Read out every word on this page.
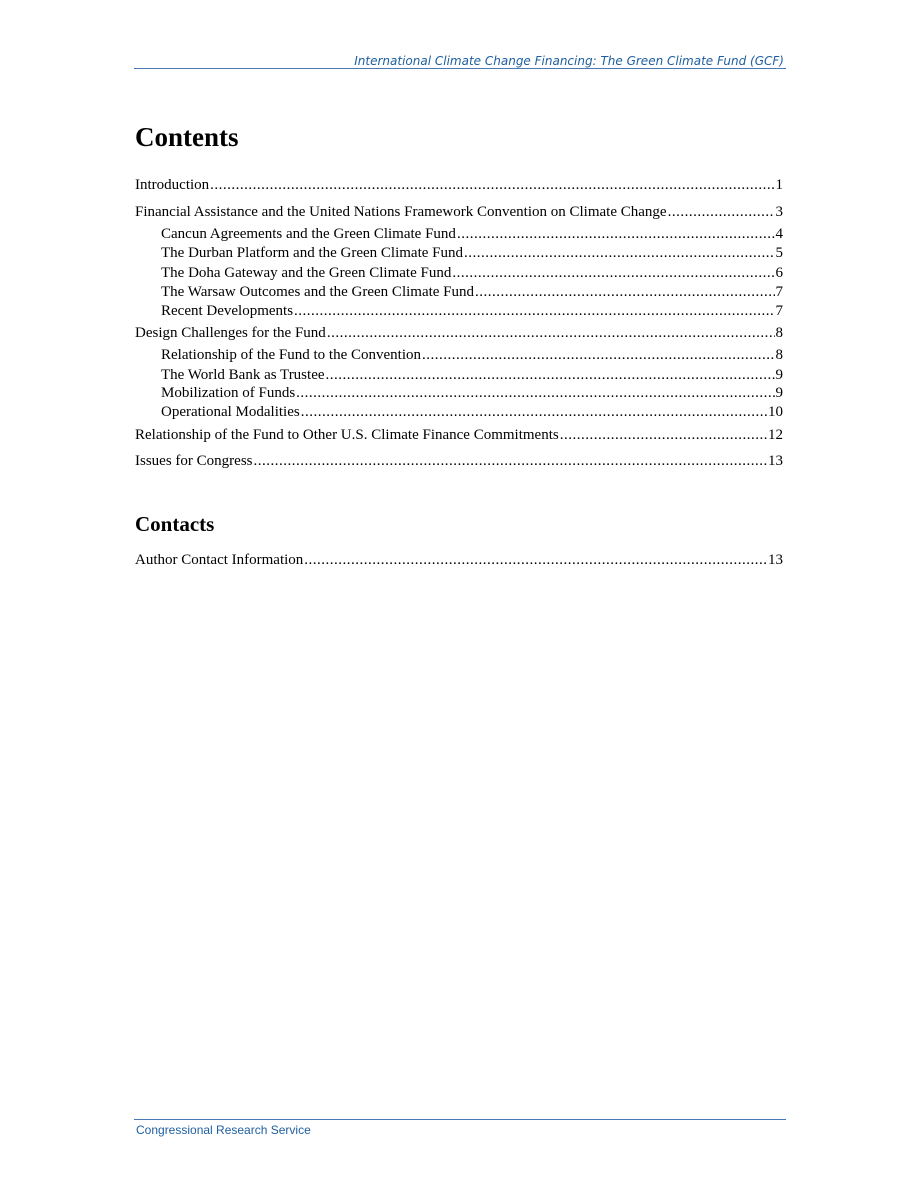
International Climate Change Financing: The Green Climate Fund (GCF)
Contents
Introduction .....	1
Financial Assistance and the United Nations Framework Convention on Climate Change .....	3
Cancun Agreements and the Green Climate Fund .....	4
The Durban Platform and the Green Climate Fund .....	5
The Doha Gateway and the Green Climate Fund .....	6
The Warsaw Outcomes and the Green Climate Fund .....	7
Recent Developments .....	7
Design Challenges for the Fund .....	8
Relationship of the Fund to the Convention .....	8
The World Bank as Trustee .....	9
Mobilization of Funds .....	9
Operational Modalities .....	10
Relationship of the Fund to Other U.S. Climate Finance Commitments .....	12
Issues for Congress .....	13
Contacts
Author Contact Information .....	13
Congressional Research Service
